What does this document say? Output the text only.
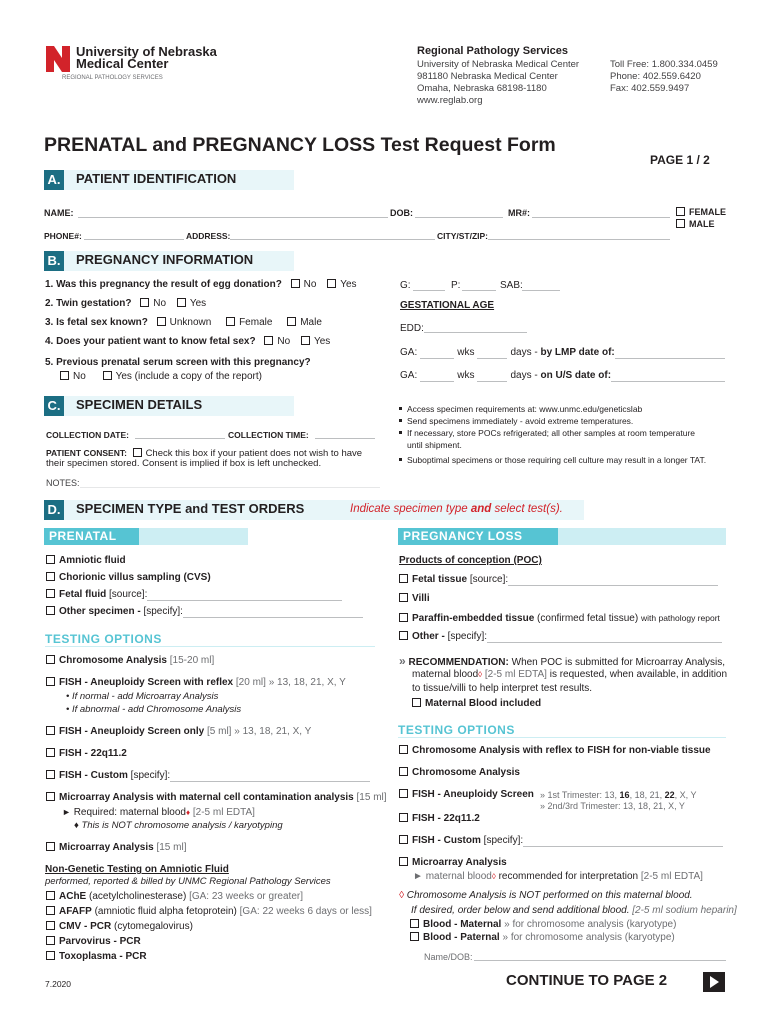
University of Nebraska
Medical Center
REGIONAL PATHOLOGY SERVICES
Regional Pathology Services
University of Nebraska Medical Center
981180 Nebraska Medical Center
Omaha, Nebraska 68198-1180
www.reglab.org
Toll Free: 1.800.334.0459
Phone: 402.559.6420
Fax: 402.559.9497
PRENATAL and PREGNANCY LOSS Test Request Form
PAGE 1 / 2
A. PATIENT IDENTIFICATION
NAME:	DOB:	MR#:	FEMALE
MALE
PHONE#:	ADDRESS:	CITY/ST/ZIP:
B. PREGNANCY INFORMATION
1. Was this pregnancy the result of egg donation? No Yes
2. Twin gestation? No Yes
3. Is fetal sex known? Unknown	Female	Male
4. Does your patient want to know fetal sex? No Yes
5. Previous prenatal serum screen with this pregnancy?
No	Yes (include a copy of the report)
G:	P:	SAB:
GESTATIONAL AGE
EDD:
GA:	wks	days - by LMP date of:
GA:	wks	days - on U/S date of:
C. SPECIMEN DETAILS
COLLECTION DATE:	COLLECTION TIME:
PATIENT CONSENT: Check this box if your patient does not wish to have
their specimen stored. Consent is implied if box is left unchecked.
NOTES:
Access specimen requirements at: www.unmc.edu/geneticslab
Send specimens immediately - avoid extreme temperatures.
If necessary, store POCs refrigerated; all other samples at room temperature
until shipment.
Suboptimal specimens or those requiring cell culture may result in a longer TAT.
D. SPECIMEN TYPE and TEST ORDERS	Indicate specimen type and select test(s).
PRENATAL
Amniotic fluid
Chorionic villus sampling (CVS)
Fetal fluid [source]:
Other specimen - [specify]:
TESTING OPTIONS
Chromosome Analysis [15-20 ml]
FISH - Aneuploidy Screen with reflex [20 ml] » 13, 18, 21, X, Y
• If normal - add Microarray Analysis
• If abnormal - add Chromosome Analysis
FISH - Aneuploidy Screen only [5 ml] » 13, 18, 21, X, Y
FISH - 22q11.2
FISH - Custom [specify]:
Microarray Analysis with maternal cell contamination analysis [15 ml]
► Required: maternal blood♦ [2-5 ml EDTA]
♦ This is NOT chromosome analysis / karyotyping
Microarray Analysis [15 ml]
Non-Genetic Testing on Amniotic Fluid
performed, reported & billed by UNMC Regional Pathology Services
AChE (acetylcholinesterase) [GA: 23 weeks or greater]
AFAFP (amniotic fluid alpha fetoprotein) [GA: 22 weeks 6 days or less]
CMV - PCR (cytomegalovirus)
Parvovirus - PCR
Toxoplasma - PCR
PREGNANCY LOSS
Products of conception (POC)
Fetal tissue [source]:
Villi
Paraffin-embedded tissue (confirmed fetal tissue) with pathology report
Other - [specify]:
» RECOMMENDATION: When POC is submitted for Microarray Analysis,
maternal blood◊ [2-5 ml EDTA] is requested, when available, in addition
to tissue/villi to help interpret test results.
Maternal Blood included
TESTING OPTIONS
Chromosome Analysis with reflex to FISH for non-viable tissue
Chromosome Analysis
FISH - Aneuploidy Screen » 1st Trimester: 13, 16, 18, 21, 22, X, Y
» 2nd/3rd Trimester: 13, 18, 21, X, Y
FISH - 22q11.2
FISH - Custom [specify]:
Microarray Analysis
► maternal blood◊ recommended for interpretation [2-5 ml EDTA]
◊ Chromosome Analysis is NOT performed on this maternal blood.
If desired, order below and send additional blood. [2-5 ml sodium heparin]
Blood - Maternal » for chromosome analysis (karyotype)
Blood - Paternal » for chromosome analysis (karyotype)
Name/DOB:
7.2020	CONTINUE TO PAGE 2
